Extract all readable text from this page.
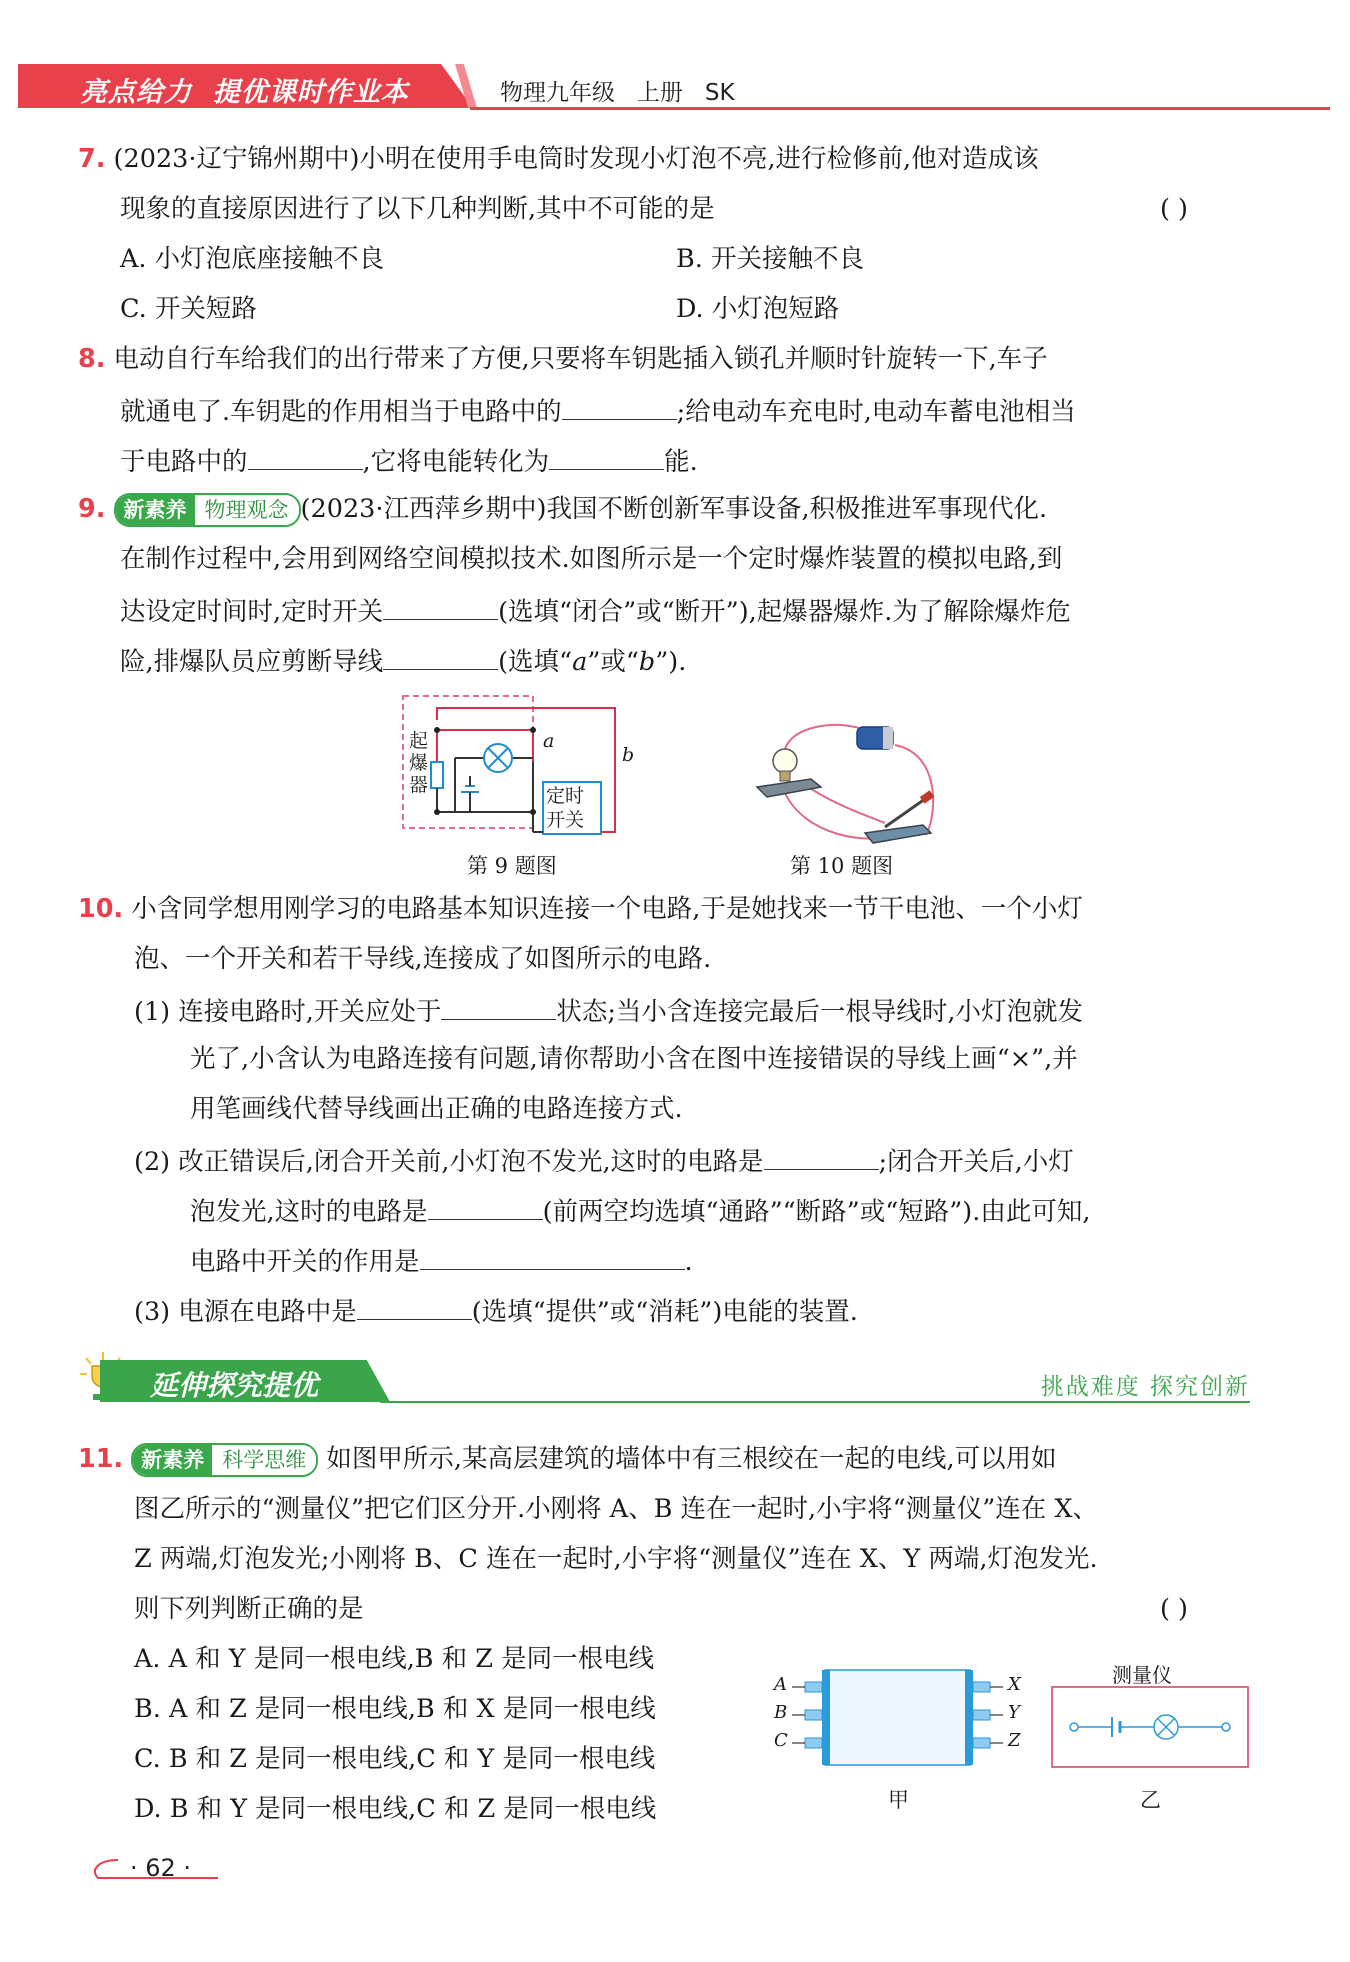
亮点给力  提优课时作业本	物理九年级   上册   SK
7. (2023·辽宁锦州期中)小明在使用手电筒时发现小灯泡不亮,进行检修前,他对造成该
现象的直接原因进行了以下几种判断,其中不可能的是	( )
A. 小灯泡底座接触不良	B. 开关接触不良
C. 开关短路	D. 小灯泡短路
8. 电动自行车给我们的出行带来了方便,只要将车钥匙插入锁孔并顺时针旋转一下,车子
就通电了.车钥匙的作用相当于电路中的	;给电动车充电时,电动车蓄电池相当
于电路中的	,它将电能转化为	能.
9. 新素养 物理观念 (2023·江西萍乡期中)我国不断创新军事设备,积极推进军事现代化.
在制作过程中,会用到网络空间模拟技术.如图所示是一个定时爆炸装置的模拟电路,到
达设定时间时,定时开关	(选填“闭合”或“断开”),起爆器爆炸.为了解除爆炸危
险,排爆队员应剪断导线	(选填“a”或“b”).
起爆器	定时
开关
a
b
第 9 题图	第 10 题图
10. 小含同学想用刚学习的电路基本知识连接一个电路,于是她找来一节干电池、一个小灯
泡、一个开关和若干导线,连接成了如图所示的电路.
(1) 连接电路时,开关应处于	状态;当小含连接完最后一根导线时,小灯泡就发
光了,小含认为电路连接有问题,请你帮助小含在图中连接错误的导线上画“×”,并
用笔画线代替导线画出正确的电路连接方式.
(2) 改正错误后,闭合开关前,小灯泡不发光,这时的电路是	;闭合开关后,小灯
泡发光,这时的电路是	(前两空均选填“通路”“断路”或“短路”).由此可知,
电路中开关的作用是	.
(3) 电源在电路中是	(选填“提供”或“消耗”)电能的装置.
延伸探究提优	挑战难度 探究创新
11. 新素养 科学思维 如图甲所示,某高层建筑的墙体中有三根绞在一起的电线,可以用如
图乙所示的“测量仪”把它们区分开.小刚将 A、B 连在一起时,小宇将“测量仪”连在 X、
Z 两端,灯泡发光;小刚将 B、C 连在一起时,小宇将“测量仪”连在 X、Y 两端,灯泡发光.
则下列判断正确的是	( )
A. A 和 Y 是同一根电线,B 和 Z 是同一根电线
B. A 和 Z 是同一根电线,B 和 X 是同一根电线
C. B 和 Z 是同一根电线,C 和 Y 是同一根电线
D. B 和 Y 是同一根电线,C 和 Z 是同一根电线
A
B
C
X
Y
Z
甲
测量仪
乙
· 62 ·
